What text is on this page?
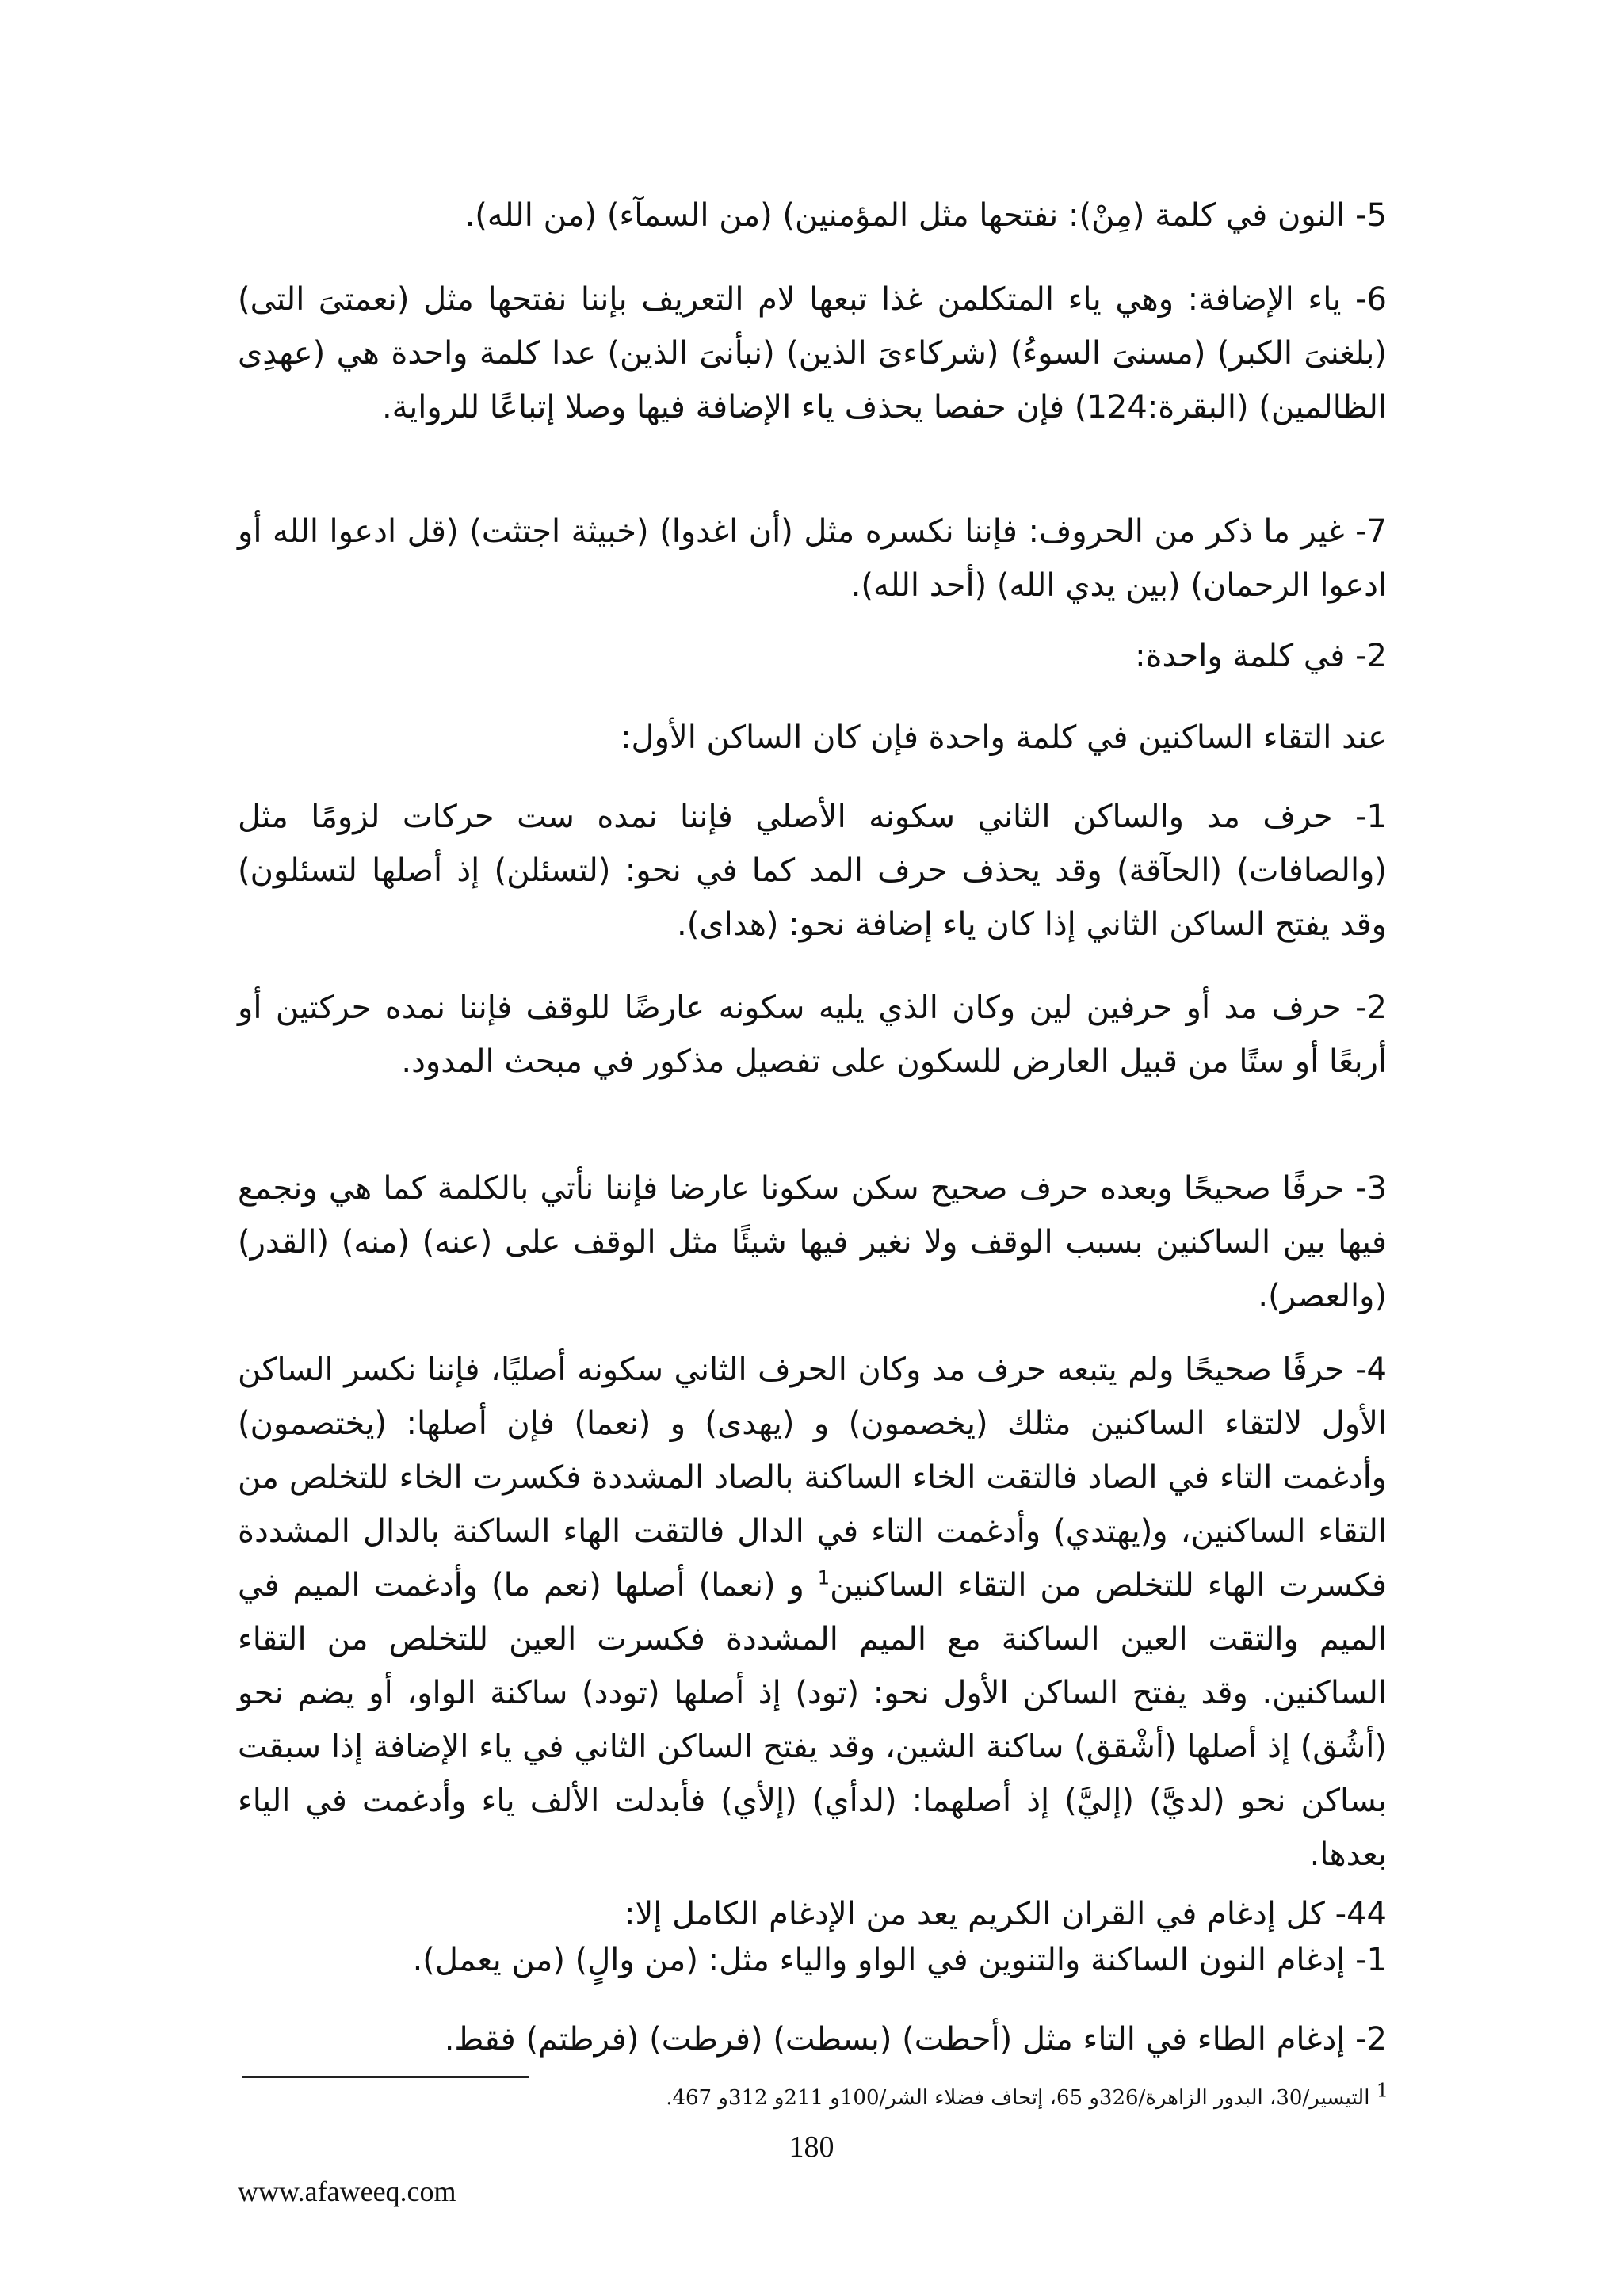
5- النون في كلمة (مِنْ): نفتحها مثل المؤمنين) (من السمآء) (من الله).
6- ياء الإضافة: وهي ياء المتكلمن غذا تبعها لام التعريف بإننا نفتحها مثل (نعمتىَ التى) (بلغنىَ الكبر) (مسنىَ السوءُ) (شركاءىَ الذين) (نبأنىَ الذين) عدا كلمة واحدة هي (عهدِى الظالمين) (البقرة:124) فإن حفصا يحذف ياء الإضافة فيها وصلا إتباعًا للرواية.
7- غير ما ذكر من الحروف: فإننا نكسره مثل (أن اغدوا) (خبيثة اجتثت) (قل ادعوا الله أو ادعوا الرحمان) (بين يدي الله) (أحد الله).
2- في كلمة واحدة:
عند التقاء الساكنين في كلمة واحدة فإن كان الساكن الأول:
1- حرف مد والساكن الثاني سكونه الأصلي فإننا نمده ست حركات لزومًا مثل (والصافات) (الحآقة) وقد يحذف حرف المد كما في نحو: (لتسئلن) إذ أصلها لتسئلون) وقد يفتح الساكن الثاني إذا كان ياء إضافة نحو: (هداى).
2- حرف مد أو حرفين لين وكان الذي يليه سكونه عارضًا للوقف فإننا نمده حركتين أو أربعًا أو ستًا من قبيل العارض للسكون على تفصيل مذكور في مبحث المدود.
3- حرفًا صحيحًا وبعده حرف صحيح سكن سكونا عارضا فإننا نأتي بالكلمة كما هي ونجمع فيها بين الساكنين بسبب الوقف ولا نغير فيها شيئًا مثل الوقف على (عنه) (منه) (القدر) (والعصر).
4- حرفًا صحيحًا ولم يتبعه حرف مد وكان الحرف الثاني سكونه أصليًا، فإننا نكسر الساكن الأول لالتقاء الساكنين مثلك (يخصمون) و (يهدى) و (نعما) فإن أصلها: (يختصمون) وأدغمت التاء في الصاد فالتقت الخاء الساكنة بالصاد المشددة فكسرت الخاء للتخلص من التقاء الساكنين، و(يهتدي) وأدغمت التاء في الدال فالتقت الهاء الساكنة بالدال المشددة فكسرت الهاء للتخلص من التقاء الساكنين$^1$ و (نعما) أصلها (نعم ما) وأدغمت الميم في الميم والتقت العين الساكنة مع الميم المشددة فكسرت العين للتخلص من التقاء الساكنين. وقد يفتح الساكن الأول نحو: (تود) إذ أصلها (تودد) ساكنة الواو، أو يضم نحو (أشُق) إذ أصلها (أشْقق) ساكنة الشين، وقد يفتح الساكن الثاني في ياء الإضافة إذا سبقت بساكن نحو (لديَّ) (إليَّ) إذ أصلهما: (لدأي) (إلأي) فأبدلت الألف ياء وأدغمت في الياء بعدها.
44- كل إدغام في القران الكريم يعد من الإدغام الكامل إلا:
1- إدغام النون الساكنة والتنوين في الواو والياء مثل: (من والٍ) (من يعمل).
2- إدغام الطاء في التاء مثل (أحطت) (بسطت) (فرطت) (فرطتم) فقط.
$^1$ التيسير/30، البدور الزاهرة/326و 65، إتحاف فضلاء الشر/100و 211و 312و 467.
180
www.afaweeq.com
